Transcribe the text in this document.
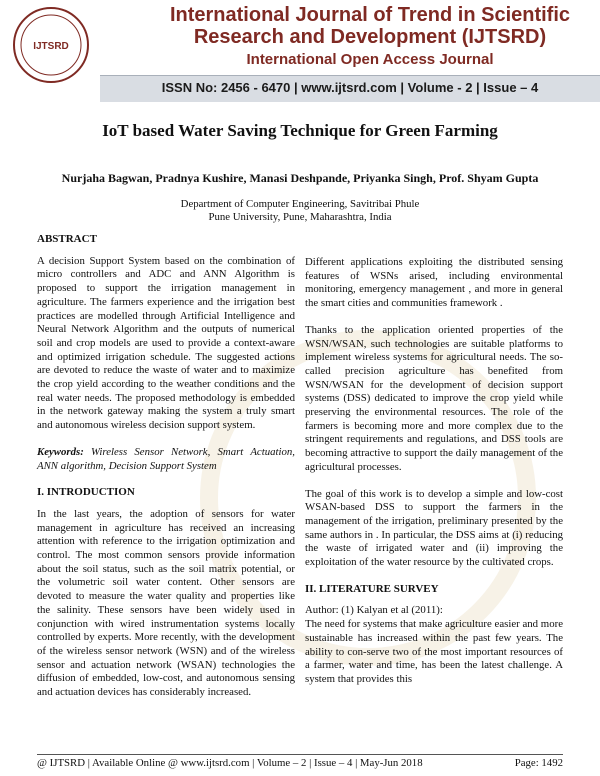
IJTSRD
International Journal of Trend in Scientific
Research and Development (IJTSRD)
International Open Access Journal
ISSN No: 2456 - 6470 | www.ijtsrd.com | Volume - 2 | Issue – 4
IoT based Water Saving Technique for Green Farming
Nurjaha Bagwan, Pradnya Kushire, Manasi Deshpande, Priyanka Singh, Prof. Shyam Gupta
Department of Computer Engineering, Savitribai Phule
Pune University, Pune, Maharashtra, India
ABSTRACT

A decision Support System based on the combination of micro controllers and ADC and ANN Algorithm is proposed to support the irrigation management in agriculture. The farmers experience and the irrigation best practices are modelled through Artificial Intelligence and Neural Network Algorithm and the outputs of numerical soil and crop models are used to provide a context-aware and optimized irrigation schedule. The suggested actions are devoted to reduce the waste of water and to maximize the crop yield according to the weather conditions and the real water needs. The proposed methodology is embedded in the network gateway making the system a truly smart and autonomous wireless decision support system.

Keywords: Wireless Sensor Network, Smart Actuation, ANN algorithm, Decision Support System

I. INTRODUCTION

In the last years, the adoption of sensors for water management in agriculture has received an increasing attention with reference to the irrigation optimization and control. The most common sensors provide information about the soil status, such as the soil matrix potential, or the volumetric soil water content. Other sensors are devoted to measure the water quality and properties like the salinity. These sensors have been widely used in conjunction with wired instrumentation systems locally controlled by experts. More recently, with the development of the wireless sensor network (WSN) and of the wireless sensor and actuation network (WSAN) technologies the diffusion of embedded, low-cost, and autonomous sensing and actuation devices has considerably increased.

Different applications exploiting the distributed sensing features of WSNs arised, including environmental monitoring, emergency management , and more in general the smart cities and communities framework .

Thanks to the application oriented properties of the WSN/WSAN, such technologies are suitable platforms to implement wireless systems for agricultural needs. The so-called precision agriculture has benefited from WSN/WSAN for the development of decision support systems (DSS) dedicated to improve the crop yield while preserving the environmental resources. The role of the farmers is becoming more and more complex due to the stringent requirements and regulations, and DSS tools are becoming attractive to support the daily management of the agricultural processes.

The goal of this work is to develop a simple and low-cost WSAN-based DSS to support the farmers in the management of the irrigation, preliminary presented by the same authors in . In particular, the DSS aims at (i) reducing the waste of irrigated water and (ii) improving the exploitation of the water resource by the cultivated crops.

II. LITERATURE SURVEY

Author: (1) Kalyan et al (2011):

The need for systems that make agriculture easier and more sustainable has increased within the past few years. The ability to con-serve two of the most important resources of a farmer, water and time, has been the latest challenge. A system that provides this

@ IJTSRD | Available Online @ www.ijtsrd.com | Volume – 2 | Issue – 4 | May-Jun 2018	Page: 1492
